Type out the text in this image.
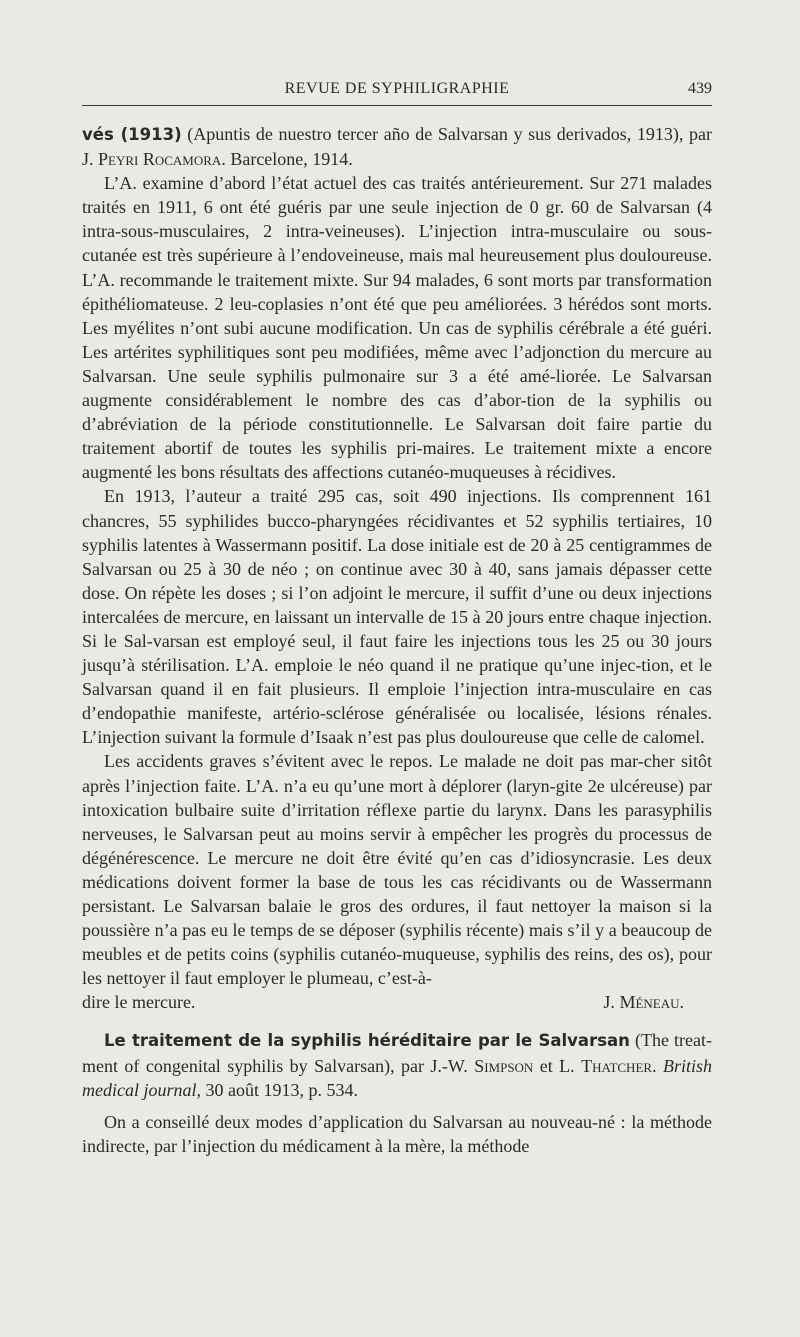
REVUE DE SYPHILIGRAPHIE	439

vés (1913) (Apuntis de nuestro tercer año de Salvarsan y sus derivados, 1913), par J. Peyri Rocamora. Barcelone, 1914.

L’A. examine d’abord l’état actuel des cas traités antérieurement. Sur 271 malades traités en 1911, 6 ont été guéris par une seule injection de 0 gr. 60 de Salvarsan (4 intra-sous-musculaires, 2 intra-veineuses). L’injection intra-musculaire ou sous-cutanée est très supérieure à l’endoveineuse, mais mal heureusement plus douloureuse. L’A. recommande le traitement mixte. Sur 94 malades, 6 sont morts par transformation épithéliomateuse. 2 leu-coplasies n’ont été que peu améliorées. 3 hérédos sont morts. Les myélites n’ont subi aucune modification. Un cas de syphilis cérébrale a été guéri. Les artérites syphilitiques sont peu modifiées, même avec l’adjonction du mercure au Salvarsan. Une seule syphilis pulmonaire sur 3 a été amé-liorée. Le Salvarsan augmente considérablement le nombre des cas d’abor-tion de la syphilis ou d’abréviation de la période constitutionnelle. Le Salvarsan doit faire partie du traitement abortif de toutes les syphilis pri-maires. Le traitement mixte a encore augmenté les bons résultats des affections cutanéo-muqueuses à récidives.

En 1913, l’auteur a traité 295 cas, soit 490 injections. Ils comprennent 161 chancres, 55 syphilides bucco-pharyngées récidivantes et 52 syphilis tertiaires, 10 syphilis latentes à Wassermann positif. La dose initiale est de 20 à 25 centigrammes de Salvarsan ou 25 à 30 de néo ; on continue avec 30 à 40, sans jamais dépasser cette dose. On répète les doses ; si l’on adjoint le mercure, il suffit d’une ou deux injections intercalées de mercure, en laissant un intervalle de 15 à 20 jours entre chaque injection. Si le Sal-varsan est employé seul, il faut faire les injections tous les 25 ou 30 jours jusqu’à stérilisation. L’A. emploie le néo quand il ne pratique qu’une injec-tion, et le Salvarsan quand il en fait plusieurs. Il emploie l’injection intra-musculaire en cas d’endopathie manifeste, artério-sclérose généralisée ou localisée, lésions rénales. L’injection suivant la formule d’Isaak n’est pas plus douloureuse que celle de calomel.

Les accidents graves s’évitent avec le repos. Le malade ne doit pas mar-cher sitôt après l’injection faite. L’A. n’a eu qu’une mort à déplorer (laryn-gite 2e ulcéreuse) par intoxication bulbaire suite d’irritation réflexe partie du larynx. Dans les parasyphilis nerveuses, le Salvarsan peut au moins servir à empêcher les progrès du processus de dégénérescence. Le mercure ne doit être évité qu’en cas d’idiosyncrasie. Les deux médications doivent former la base de tous les cas récidivants ou de Wassermann persistant. Le Salvarsan balaie le gros des ordures, il faut nettoyer la maison si la poussière n’a pas eu le temps de se déposer (syphilis récente) mais s’il y a beaucoup de meubles et de petits coins (syphilis cutanéo-muqueuse, syphilis des reins, des os), pour les nettoyer il faut employer le plumeau, c’est-à-

dire le mercure.	J. Méneau.

Le traitement de la syphilis héréditaire par le Salvarsan (The treat-ment of congenital syphilis by Salvarsan), par J.-W. Simpson et L. Thatcher. British medical journal, 30 août 1913, p. 534.

On a conseillé deux modes d’application du Salvarsan au nouveau-né : la méthode indirecte, par l’injection du médicament à la mère, la méthode
